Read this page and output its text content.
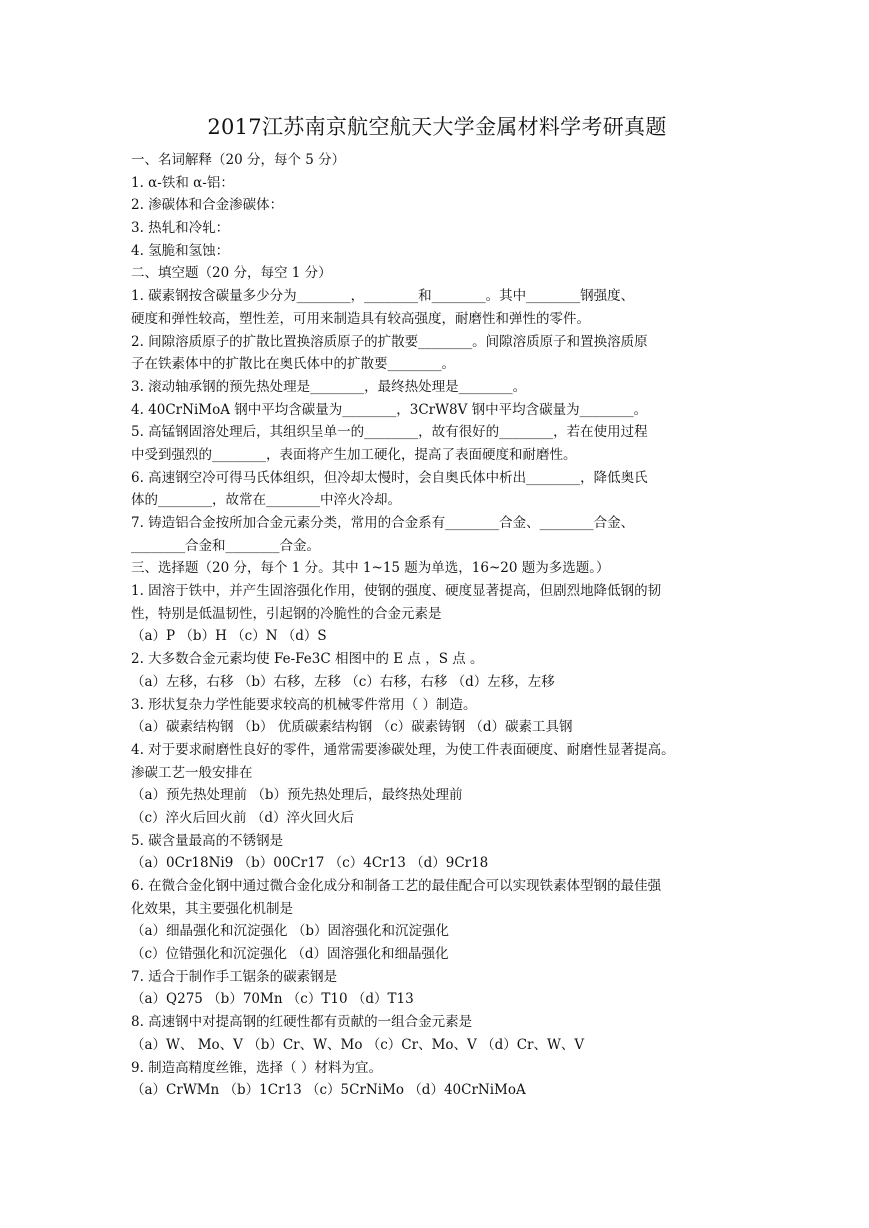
2017江苏南京航空航天大学金属材料学考研真题
一、名词解释（20 分，每个 5 分）
1. α-铁和 α-铝：
2. 渗碳体和合金渗碳体：
3. 热轧和冷轧：
4. 氢脆和氢蚀：
二、填空题（20 分，每空 1 分）
1. 碳素钢按含碳量多少分为________，________和________。其中________钢强度、
硬度和弹性较高，塑性差，可用来制造具有较高强度，耐磨性和弹性的零件。
2. 间隙溶质原子的扩散比置换溶质原子的扩散要________。间隙溶质原子和置换溶质原
子在铁素体中的扩散比在奥氏体中的扩散要________。
3. 滚动轴承钢的预先热处理是________，最终热处理是________。
4. 40CrNiMoA 钢中平均含碳量为________，3CrW8V 钢中平均含碳量为________。
5. 高锰钢固溶处理后，其组织呈单一的________，故有很好的________，若在使用过程
中受到强烈的________，表面将产生加工硬化，提高了表面硬度和耐磨性。
6. 高速钢空冷可得马氏体组织，但冷却太慢时，会自奥氏体中析出________，降低奥氏
体的________，故常在________中淬火冷却。
7. 铸造铝合金按所加合金元素分类，常用的合金系有________合金、________合金、
________合金和________合金。
三、选择题（20 分，每个 1 分。其中 1~15 题为单选，16~20 题为多选题。）
1. 固溶于铁中，并产生固溶强化作用，使钢的强度、硬度显著提高，但剧烈地降低钢的韧
性，特别是低温韧性，引起钢的冷脆性的合金元素是
（a）P （b）H （c）N （d）S
2. 大多数合金元素均使 Fe-Fe3C 相图中的 E 点 ，S 点 。
（a）左移，右移 （b）右移，左移 （c）右移，右移 （d）左移，左移
3. 形状复杂力学性能要求较高的机械零件常用（ ）制造。
（a）碳素结构钢 （b） 优质碳素结构钢 （c）碳素铸钢 （d）碳素工具钢
4. 对于要求耐磨性良好的零件，通常需要渗碳处理，为使工件表面硬度、耐磨性显著提高。
渗碳工艺一般安排在
（a）预先热处理前 （b）预先热处理后，最终热处理前
（c）淬火后回火前 （d）淬火回火后
5. 碳含量最高的不锈钢是
（a）0Cr18Ni9 （b）00Cr17 （c）4Cr13 （d）9Cr18
6. 在微合金化钢中通过微合金化成分和制备工艺的最佳配合可以实现铁素体型钢的最佳强
化效果，其主要强化机制是
（a）细晶强化和沉淀强化 （b）固溶强化和沉淀强化
（c）位错强化和沉淀强化 （d）固溶强化和细晶强化
7. 适合于制作手工锯条的碳素钢是
（a）Q275 （b）70Mn （c）T10 （d）T13
8. 高速钢中对提高钢的红硬性都有贡献的一组合金元素是
（a）W、 Mo、V （b）Cr、W、Mo （c）Cr、Mo、V （d）Cr、W、V
9. 制造高精度丝锥，选择（ ）材料为宜。
（a）CrWMn （b）1Cr13 （c）5CrNiMo （d）40CrNiMoA
